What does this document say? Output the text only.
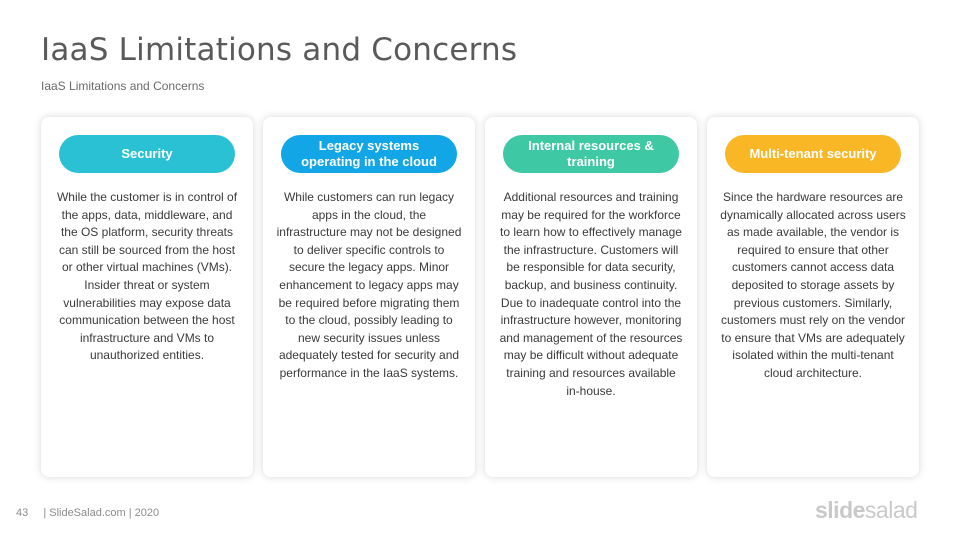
IaaS Limitations and Concerns
IaaS Limitations and Concerns
Security
While the customer is in control of the apps, data, middleware, and the OS platform, security threats can still be sourced from the host or other virtual machines (VMs). Insider threat or system vulnerabilities may expose data communication between the host infrastructure and VMs to unauthorized entities.
Legacy systems operating in the cloud
While customers can run legacy apps in the cloud, the infrastructure may not be designed to deliver specific controls to secure the legacy apps. Minor enhancement to legacy apps may be required before migrating them to the cloud, possibly leading to new security issues unless adequately tested for security and performance in the IaaS systems.
Internal resources & training
Additional resources and training may be required for the workforce to learn how to effectively manage the infrastructure. Customers will be responsible for data security, backup, and business continuity. Due to inadequate control into the infrastructure however, monitoring and management of the resources may be difficult without adequate training and resources available in-house.
Multi-tenant security
Since the hardware resources are dynamically allocated across users as made available, the vendor is required to ensure that other customers cannot access data deposited to storage assets by previous customers. Similarly, customers must rely on the vendor to ensure that VMs are adequately isolated within the multi-tenant cloud architecture.
43 | SlideSalad.com | 2020	slidesalad
